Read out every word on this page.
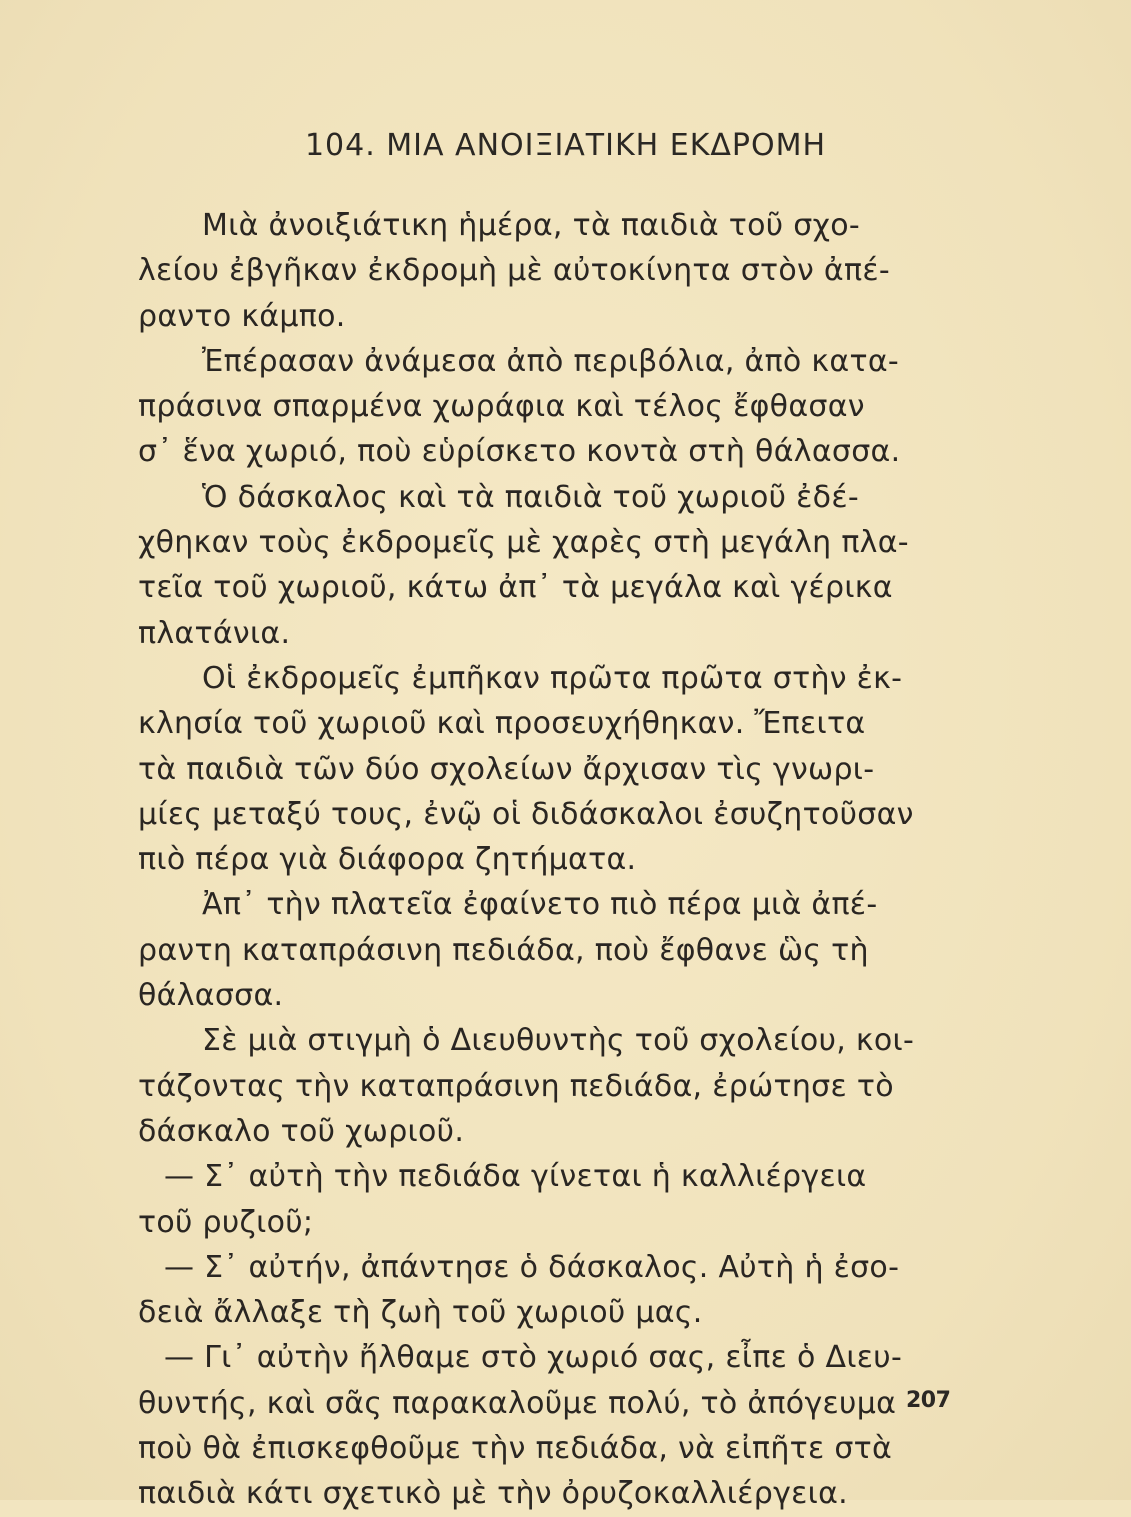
104. ΜΙΑ ΑΝΟΙΞΙΑΤΙΚΗ ΕΚΔΡΟΜΗ
Μιὰ ἀνοιξιάτικη ἡμέρα, τὰ παιδιὰ τοῦ σχο-
λείου ἐβγῆκαν ἐκδρομὴ μὲ αὐτοκίνητα στὸν ἀπέ-
ραντο κάμπο.
Ἐπέρασαν ἀνάμεσα ἀπὸ περιβόλια, ἀπὸ κατα-
πράσινα σπαρμένα χωράφια καὶ τέλος ἔφθασαν
σ᾿ ἕνα χωριό, ποὺ εὑρίσκετο κοντὰ στὴ θάλασσα.
Ὁ δάσκαλος καὶ τὰ παιδιὰ τοῦ χωριοῦ ἐδέ-
χθηκαν τοὺς ἐκδρομεῖς μὲ χαρὲς στὴ μεγάλη πλα-
τεῖα τοῦ χωριοῦ, κάτω ἀπ᾿ τὰ μεγάλα καὶ γέρικα
πλατάνια.
Οἱ ἐκδρομεῖς ἐμπῆκαν πρῶτα πρῶτα στὴν ἐκ-
κλησία τοῦ χωριοῦ καὶ προσευχήθηκαν. Ἔπειτα
τὰ παιδιὰ τῶν δύο σχολείων ἄρχισαν τὶς γνωρι-
μίες μεταξύ τους, ἐνῷ οἱ διδάσκαλοι ἐσυζητοῦσαν
πιὸ πέρα γιὰ διάφορα ζητήματα.
Ἀπ᾿ τὴν πλατεῖα ἐφαίνετο πιὸ πέρα μιὰ ἀπέ-
ραντη καταπράσινη πεδιάδα, ποὺ ἔφθανε ὣς τὴ
θάλασσα.
Σὲ μιὰ στιγμὴ ὁ Διευθυντὴς τοῦ σχολείου, κοι-
τάζοντας τὴν καταπράσινη πεδιάδα, ἐρώτησε τὸ
δάσκαλο τοῦ χωριοῦ.
— Σ᾿ αὐτὴ τὴν πεδιάδα γίνεται ἡ καλλιέργεια
τοῦ ρυζιοῦ;
— Σ᾿ αὐτήν, ἀπάντησε ὁ δάσκαλος. Αὐτὴ ἡ ἐσο-
δειὰ ἄλλαξε τὴ ζωὴ τοῦ χωριοῦ μας.
— Γι᾿ αὐτὴν ἤλθαμε στὸ χωριό σας, εἶπε ὁ Διευ-
θυντής, καὶ σᾶς παρακαλοῦμε πολύ, τὸ ἀπόγευμα
ποὺ θὰ ἐπισκεφθοῦμε τὴν πεδιάδα, νὰ εἰπῆτε στὰ
παιδιὰ κάτι σχετικὸ μὲ τὴν ὀρυζοκαλλιέργεια.
207
